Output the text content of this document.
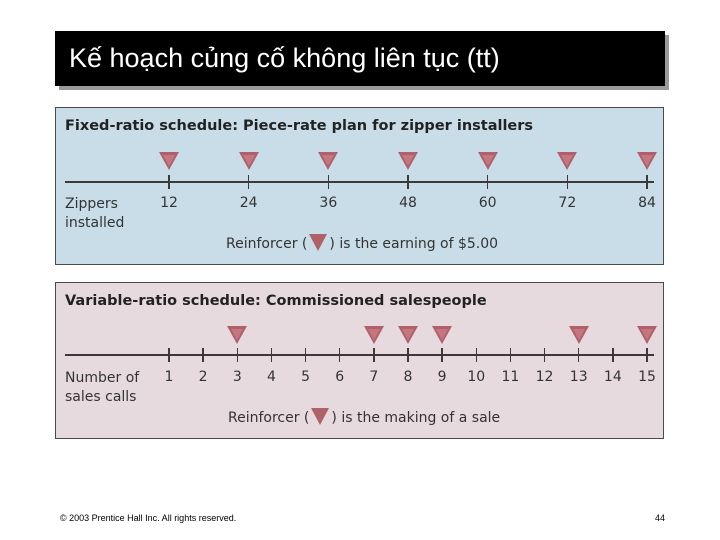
Kế hoạch củng cố không liên tục (tt)
Fixed-ratio schedule: Piece-rate plan for zipper installers
12	24	36	48	60	72	84
Zippers
installed
Reinforcer ( ) is the earning of $5.00
Variable-ratio schedule: Commissioned salespeople
1	2	3	4	5	6	7	8	9	10	11	12	13	14	15
Number of
sales calls
Reinforcer ( ) is the making of a sale
© 2003 Prentice Hall Inc. All rights reserved.	44
